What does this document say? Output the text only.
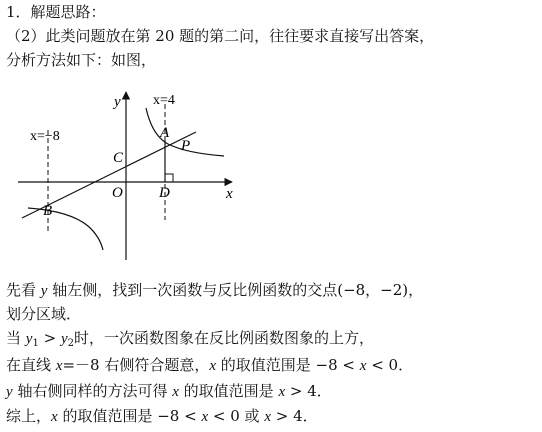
1．解题思路：
（2）此类问题放在第 20 题的第二问，往往要求直接写出答案，
分析方法如下：如图，
y
x
O
A
B
C
D
P
x=−8
x=4
先看 y 轴左侧，找到一次函数与反比例函数的交点(−8，−2)，
划分区域．
当 $y_1 > y_2$时，一次函数图象在反比例函数图象的上方，
在直线 x=－8 右侧符合题意，x 的取值范围是 −8 < x < 0．
y 轴右侧同样的方法可得 x 的取值范围是 x > 4．
综上，x 的取值范围是 −8 < x < 0 或 x > 4．
